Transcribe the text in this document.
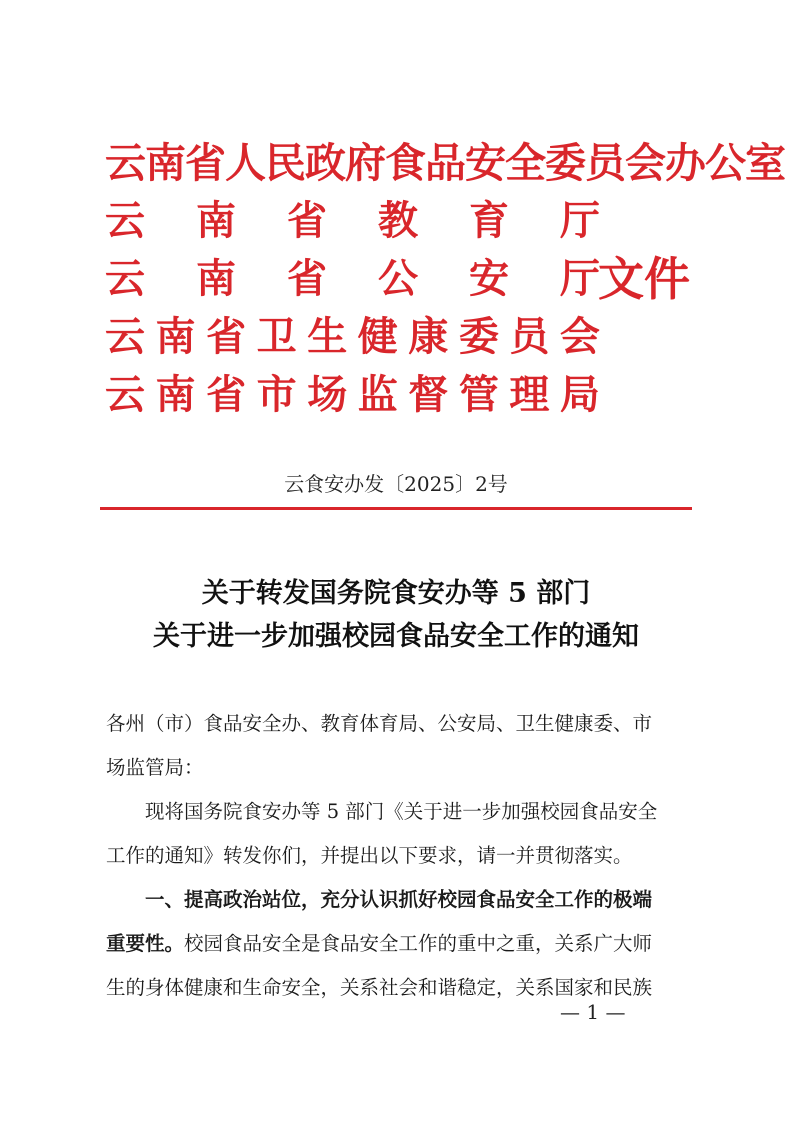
云南省人民政府食品安全委员会办公室
云 南 省 教 育 厅
云 南 省 公 安 厅
文件
云 南 省 卫 生 健 康 委 员 会
云 南 省 市 场 监 督 管 理 局
云食安办发〔2025〕2号
关于转发国务院食安办等 5 部门
关于进一步加强校园食品安全工作的通知
各州（市）食品安全办、教育体育局、公安局、卫生健康委、市
场监管局：
现将国务院食安办等 5 部门《关于进一步加强校园食品安全
工作的通知》转发你们，并提出以下要求，请一并贯彻落实。
一、提高政治站位，充分认识抓好校园食品安全工作的极端
重要性。校园食品安全是食品安全工作的重中之重，关系广大师
生的身体健康和生命安全，关系社会和谐稳定，关系国家和民族
— 1 —
